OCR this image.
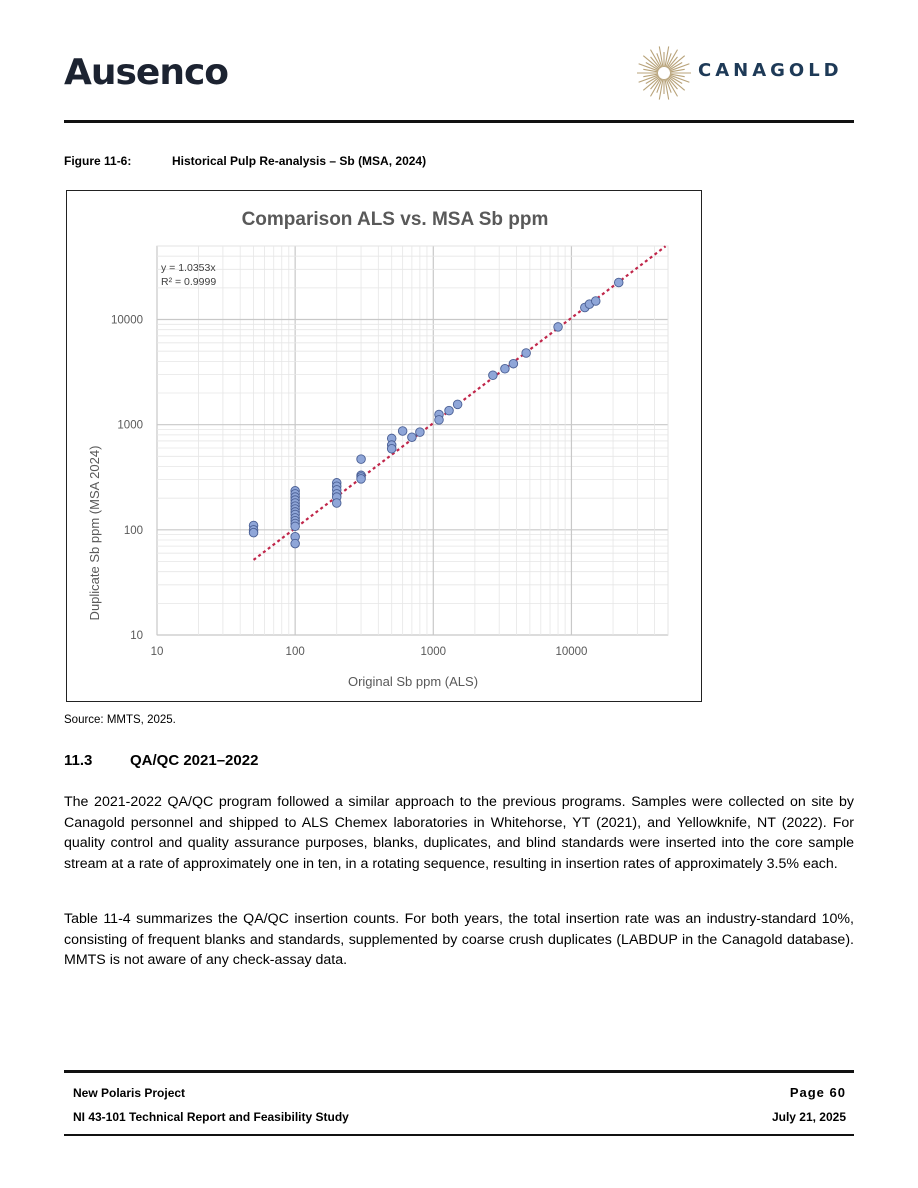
Ausenco	CANAGOLD
Figure 11-6:	Historical Pulp Re-analysis – Sb (MSA, 2024)
Comparison ALS vs. MSA Sb ppm
10	100	1000	10000
10
100
1000
10000
y = 1.0353x
R² = 0.9999
Original Sb ppm (ALS)
Duplicate Sb ppm (MSA 2024)
Source: MMTS, 2025.
11.3	QA/QC 2021–2022
The 2021-2022 QA/QC program followed a similar approach to the previous programs. Samples were collected on site by Canagold personnel and shipped to ALS Chemex laboratories in Whitehorse, YT (2021), and Yellowknife, NT (2022). For quality control and quality assurance purposes, blanks, duplicates, and blind standards were inserted into the core sample stream at a rate of approximately one in ten, in a rotating sequence, resulting in insertion rates of approximately 3.5% each.
Table 11-4 summarizes the QA/QC insertion counts. For both years, the total insertion rate was an industry-standard 10%, consisting of frequent blanks and standards, supplemented by coarse crush duplicates (LABDUP in the Canagold database). MMTS is not aware of any check-assay data.
New Polaris Project
NI 43-101 Technical Report and Feasibility Study
Page 60
July 21, 2025
